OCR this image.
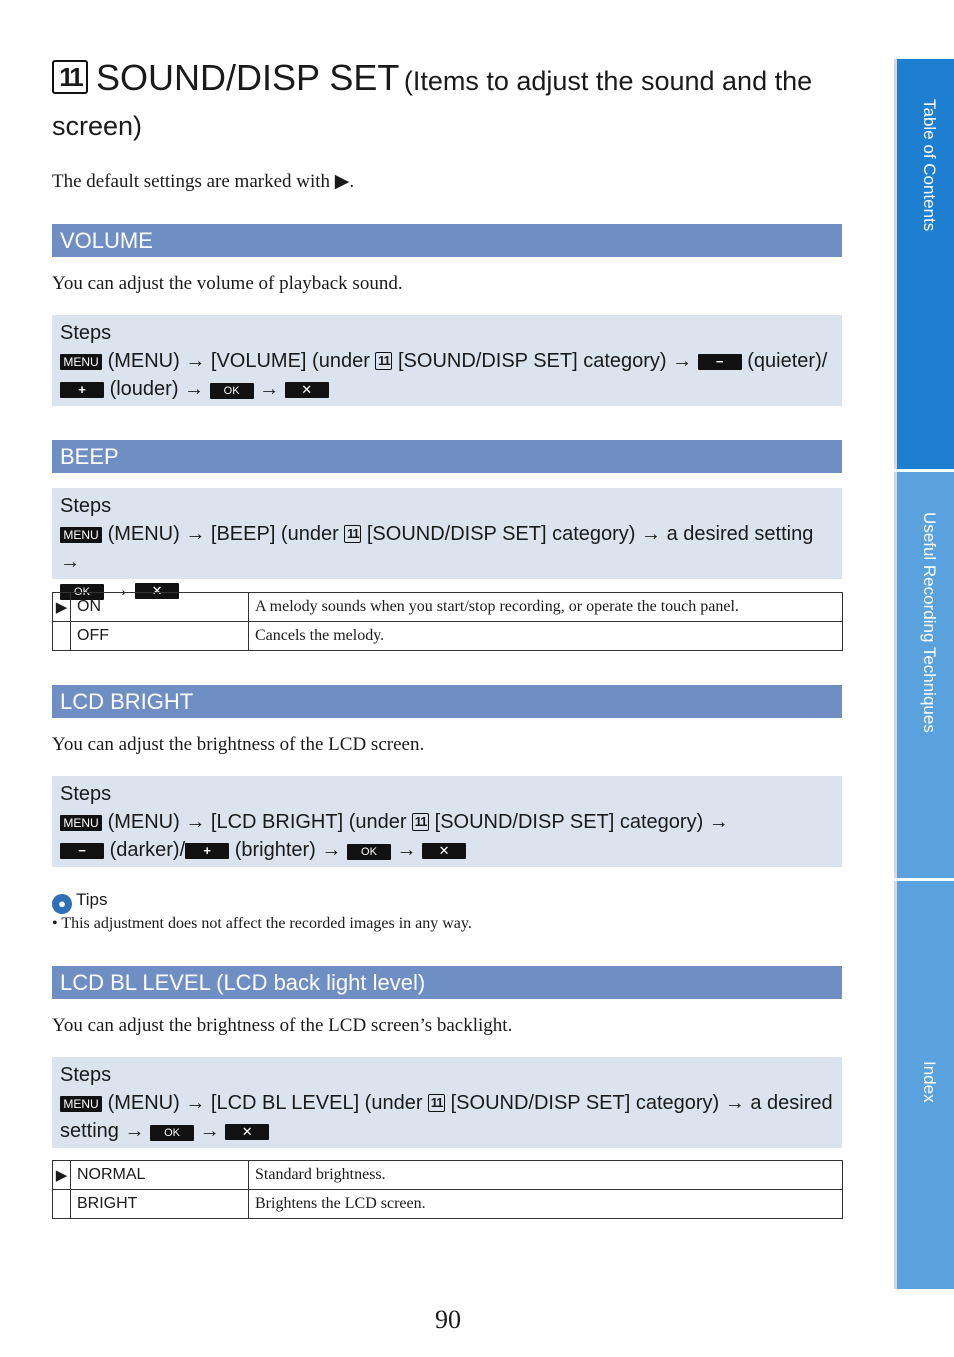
11 SOUND/DISP SET (Items to adjust the sound and the
screen)
The default settings are marked with ▶.
VOLUME
You can adjust the volume of playback sound.
Steps
MENU (MENU) → [VOLUME] (under 11 [SOUND/DISP SET] category) → − (quieter)/
+ (louder) → OK → ✕
BEEP
Steps
MENU (MENU) → [BEEP] (under 11 [SOUND/DISP SET] category) → a desired setting →
OK → ✕
▶	ON	A melody sounds when you start/stop recording, or operate the touch panel.
	OFF	Cancels the melody.
LCD BRIGHT
You can adjust the brightness of the LCD screen.
Steps
MENU (MENU) → [LCD BRIGHT] (under 11 [SOUND/DISP SET] category) →
− (darker)/ + (brighter) → OK → ✕
● Tips
• This adjustment does not affect the recorded images in any way.
LCD BL LEVEL (LCD back light level)
You can adjust the brightness of the LCD screen’s backlight.
Steps
MENU (MENU) → [LCD BL LEVEL] (under 11 [SOUND/DISP SET] category) → a desired
setting → OK → ✕
▶	NORMAL	Standard brightness.
	BRIGHT	Brightens the LCD screen.
90
Table of Contents
Useful Recording Techniques
Index
